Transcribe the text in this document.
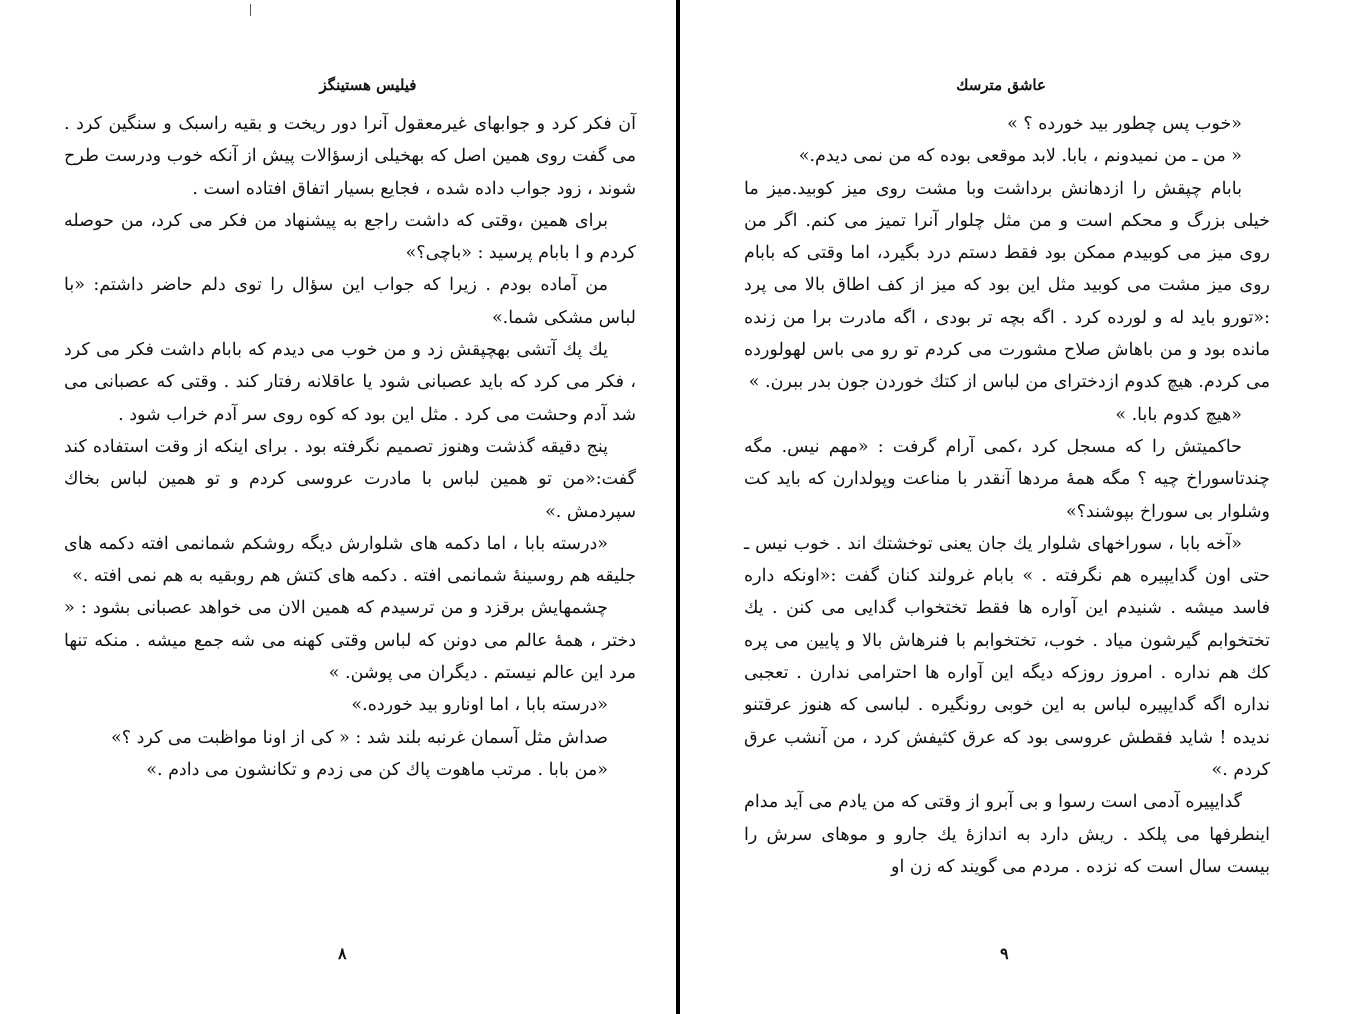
فیلیس هستینگز

آن فکر کرد و جوابهای غیرمعقول آنرا دور ریخت و بقیه راسبک و سنگین کرد . می گفت روی همین اصل که بهخیلی ازسؤالات پیش از آنکه خوب ودرست طرح شوند ، زود جواب داده شده ، فجایع بسیار اتفاق افتاده است .

برای همین ،وقتی که داشت راجع به پیشنهاد من فکر می کرد، من حوصله کردم و ا بابام پرسید : «باچی؟»

من آماده بودم . زیرا که جواب این سؤال را توی دلم حاضر داشتم: «با لباس مشکی شما.»

یك پك آتشی بهچپقش زد و من خوب می دیدم که بابام داشت فکر می کرد ، فکر می کرد که باید عصبانی شود یا عاقلانه رفتار کند . وقتی که عصبانی می شد آدم وحشت می کرد . مثل این بود که کوه روی سر آدم خراب شود .

پنج دقیقه گذشت وهنوز تصمیم نگرفته بود . برای اینکه از وقت استفاده کند گفت:«من تو همین لباس با مادرت عروسی کردم و تو همین لباس بخاك سپردمش .»

«درسته بابا ، اما دکمه های شلوارش دیگه روشکم شمانمی افته دکمه های جلیقه هم روسینهٔ شمانمی افته . دکمه های کتش هم روبقیه به هم نمی افته .»

چشمهایش برقزد و من ترسیدم که همین الان می خواهد عصبانی بشود : « دختر ، همهٔ عالم می دونن که لباس وقتی کهنه می شه جمع میشه . منکه تنها مرد این عالم نیستم . دیگران می پوشن. »

«درسته بابا ، اما اونارو بید خورده.»

صداش مثل آسمان غرنبه بلند شد : « کی از اونا مواظبت می کرد ؟»

«من بابا . مرتب ماهوت پاك کن می زدم و تکانشون می دادم .»

۸
عاشق مترسك

«خوب پس چطور بید خورده ؟ »

« من ـ من نمیدونم ، بابا. لابد موقعی بوده که من نمی دیدم.»

بابام چپقش را ازدهانش برداشت وبا مشت روی میز کوبید.میز ما خیلی بزرگ و محکم است و من مثل چلوار آنرا تمیز می کنم. اگر من روی میز می کوبیدم ممکن بود فقط دستم درد بگیرد، اما وقتی که بابام روی میز مشت می کوبید مثل این بود که میز از کف اطاق بالا می پرد :«تورو باید له و لورده کرد . اگه بچه تر بودی ، اگه مادرت برا من زنده مانده بود و من باهاش صلاح مشورت می کردم تو رو می باس لهولورده می کردم. هیچ کدوم ازدخترای من لباس از کتك خوردن جون بدر ببرن. »

«هیچ کدوم بابا. »

حاکمیتش را که مسجل کرد ،کمی آرام گرفت : «مهم نیس. مگه چندتاسوراخ چیه ؟ مگه همهٔ مردها آنقدر با مناعت وپولدارن که باید کت وشلوار بی سوراخ بپوشند؟»

«آخه بابا ، سوراخهای شلوار یك جان یعنی توخشتك اند . خوب نیس ـ حتی اون گدایپیره هم نگرفته . » بابام غرولند کنان گفت :«اونکه داره فاسد میشه . شنیدم این آواره ها فقط تختخواب گدایی می کنن . یك تختخوابم گیرشون میاد . خوب، تختخوابم با فنرهاش بالا و پایین می پره کك هم نداره . امروز روزکه دیگه این آواره ها احترامی ندارن . تعجبی نداره اگه گدایپیره لباس به این خوبی رونگیره . لباسی که هنوز عرقتنو ندیده ! شاید فقطش عروسی بود که عرق کثیفش کرد ، من آنشب عرق کردم .»

گدایپیره آدمی است رسوا و بی آبرو از وقتی که من یادم می آید مدام اینطرفها می پلکد . ریش دارد به اندازهٔ یك جارو و موهای سرش را بیست سال است که نزده . مردم می گویند که زن او

۹
